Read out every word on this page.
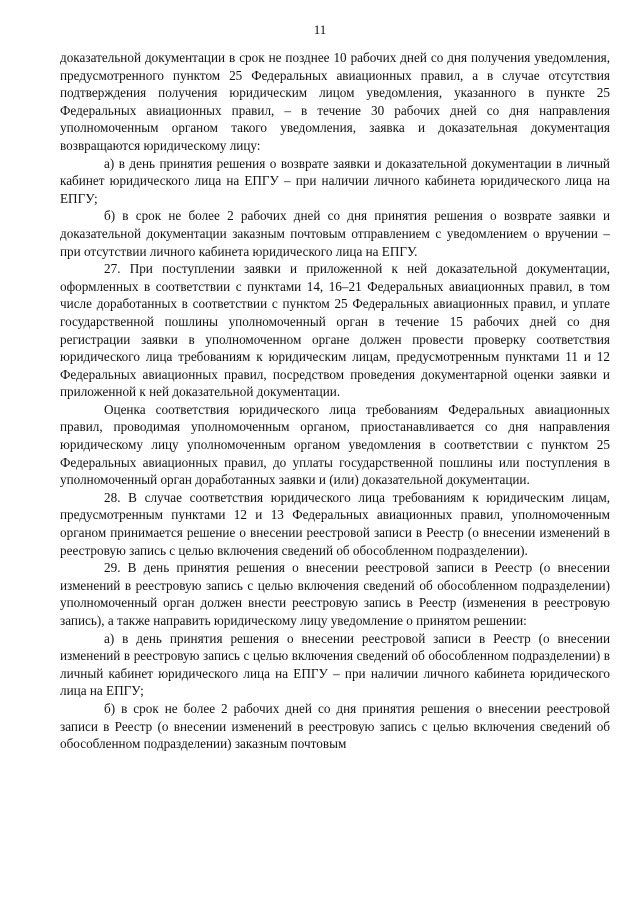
11

доказательной документации в срок не позднее 10 рабочих дней со дня получения уведомления, предусмотренного пунктом 25 Федеральных авиационных правил, а в случае отсутствия подтверждения получения юридическим лицом уведомления, указанного в пункте 25 Федеральных авиационных правил, – в течение 30 рабочих дней со дня направления уполномоченным органом такого уведомления, заявка и доказательная документация возвращаются юридическому лицу:

а) в день принятия решения о возврате заявки и доказательной документации в личный кабинет юридического лица на ЕПГУ – при наличии личного кабинета юридического лица на ЕПГУ;

б) в срок не более 2 рабочих дней со дня принятия решения о возврате заявки и доказательной документации заказным почтовым отправлением с уведомлением о вручении – при отсутствии личного кабинета юридического лица на ЕПГУ.

27. При поступлении заявки и приложенной к ней доказательной документации, оформленных в соответствии с пунктами 14, 16–21 Федеральных авиационных правил, в том числе доработанных в соответствии с пунктом 25 Федеральных авиационных правил, и уплате государственной пошлины уполномоченный орган в течение 15 рабочих дней со дня регистрации заявки в уполномоченном органе должен провести проверку соответствия юридического лица требованиям к юридическим лицам, предусмотренным пунктами 11 и 12 Федеральных авиационных правил, посредством проведения документарной оценки заявки и приложенной к ней доказательной документации.

Оценка соответствия юридического лица требованиям Федеральных авиационных правил, проводимая уполномоченным органом, приостанавливается со дня направления юридическому лицу уполномоченным органом уведомления в соответствии с пунктом 25 Федеральных авиационных правил, до уплаты государственной пошлины или поступления в уполномоченный орган доработанных заявки и (или) доказательной документации.

28. В случае соответствия юридического лица требованиям к юридическим лицам, предусмотренным пунктами 12 и 13 Федеральных авиационных правил, уполномоченным органом принимается решение о внесении реестровой записи в Реестр (о внесении изменений в реестровую запись с целью включения сведений об обособленном подразделении).

29. В день принятия решения о внесении реестровой записи в Реестр (о внесении изменений в реестровую запись с целью включения сведений об обособленном подразделении) уполномоченный орган должен внести реестровую запись в Реестр (изменения в реестровую запись), а также направить юридическому лицу уведомление о принятом решении:

а) в день принятия решения о внесении реестровой записи в Реестр (о внесении изменений в реестровую запись с целью включения сведений об обособленном подразделении) в личный кабинет юридического лица на ЕПГУ – при наличии личного кабинета юридического лица на ЕПГУ;

б) в срок не более 2 рабочих дней со дня принятия решения о внесении реестровой записи в Реестр (о внесении изменений в реестровую запись с целью включения сведений об обособленном подразделении) заказным почтовым
